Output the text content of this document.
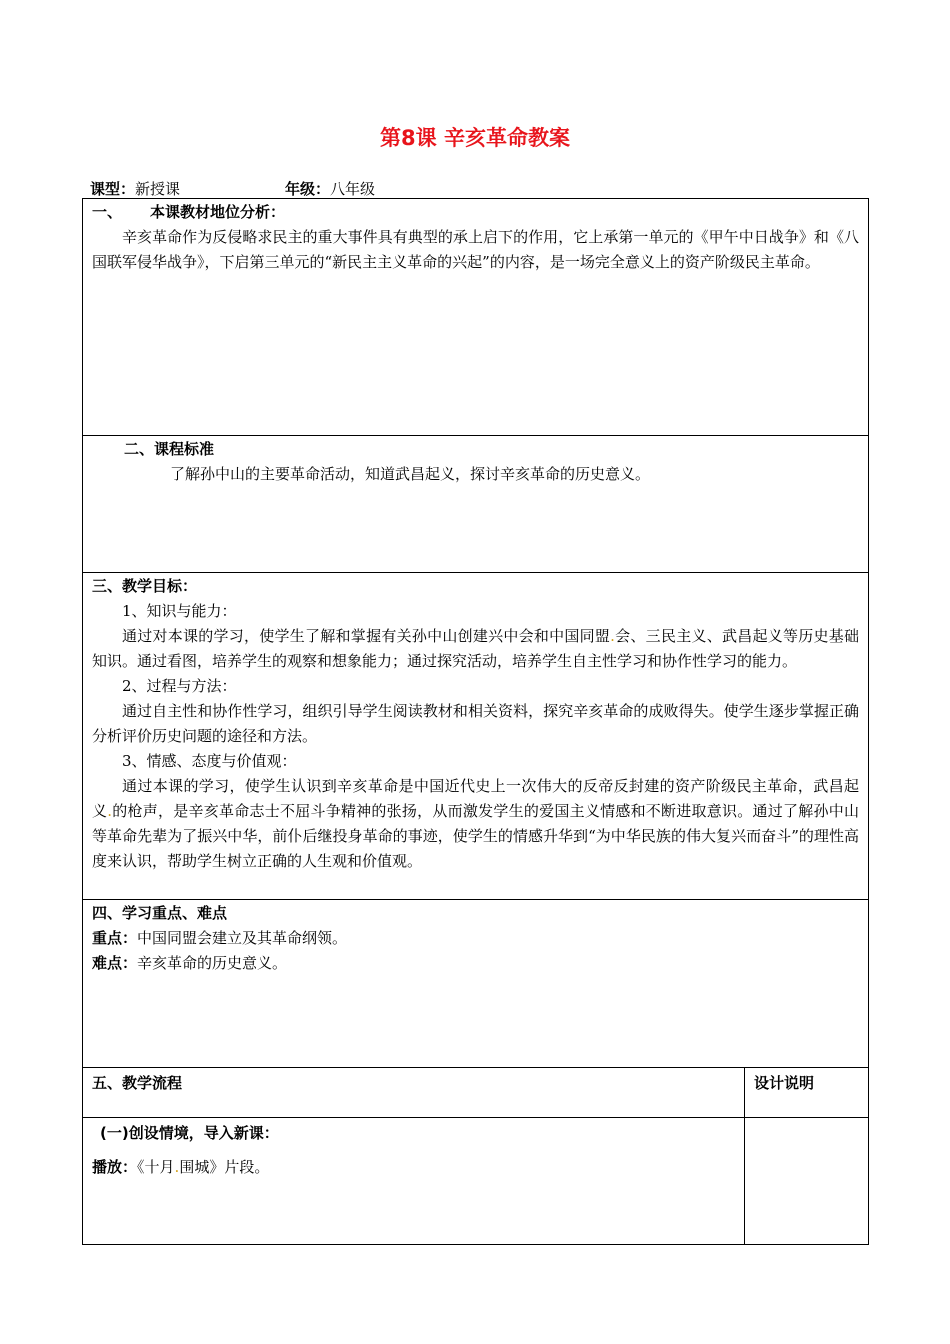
第8课 辛亥革命教案
课型：新授课	年级：八年级
一、 本课教材地位分析：

辛亥革命作为反侵略求民主的重大事件具有典型的承上启下的作用，它上承第一单元的《甲午中日战争》和《八国联军侵华战争》，下启第三单元的“新民主主义革命的兴起”的内容，是一场完全意义上的资产阶级民主革命。

二、课程标准
了解孙中山的主要革命活动，知道武昌起义，探讨辛亥革命的历史意义。
三、教学目标：
1、知识与能力：

通过对本课的学习，使学生了解和掌握有关孙中山创建兴中会和中国同盟.会、三民主义、武昌起义等历史基础知识。通过看图，培养学生的观察和想象能力；通过探究活动，培养学生自主性学习和协作性学习的能力。

2、过程与方法：

通过自主性和协作性学习，组织引导学生阅读教材和相关资料，探究辛亥革命的成败得失。使学生逐步掌握正确分析评价历史问题的途径和方法。

3、情感、态度与价值观：

通过本课的学习，使学生认识到辛亥革命是中国近代史上一次伟大的反帝反封建的资产阶级民主革命，武昌起义.的枪声，是辛亥革命志士不屈斗争精神的张扬，从而激发学生的爱国主义情感和不断进取意识。通过了解孙中山等革命先辈为了振兴中华，前仆后继投身革命的事迹，使学生的情感升华到“为中华民族的伟大复兴而奋斗”的理性高度来认识，帮助学生树立正确的人生观和价值观。

四、学习重点、难点
重点：中国同盟会建立及其革命纲领。
难点：辛亥革命的历史意义。
五、教学流程	设计说明
(一)创设情境，导入新课：
播放：《十月.围城》片段。
